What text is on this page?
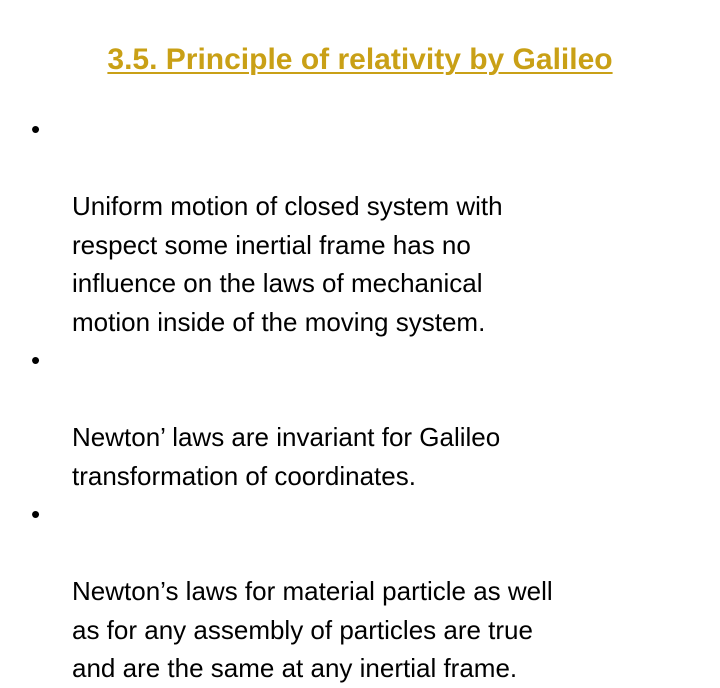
3.5. Principle of relativity by Galileo

•

Uniform motion of closed system with
respect some inertial frame has no
influence on the laws of mechanical
motion inside of the moving system.

•

Newton’ laws are invariant for Galileo
transformation of coordinates.

•

Newton’s laws for material particle as well
as for any assembly of particles are true
and are the same at any inertial frame.
